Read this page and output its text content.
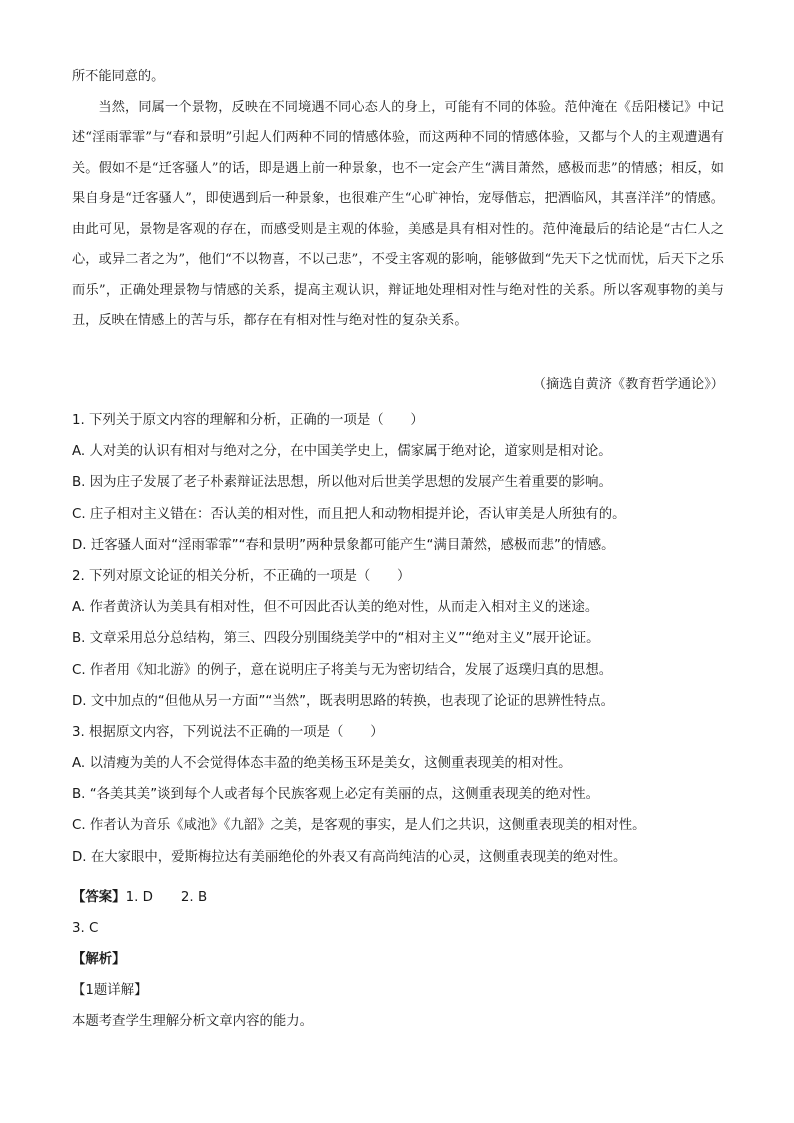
所不能同意的。

当然，同属一个景物，反映在不同境遇不同心态人的身上，可能有不同的体验。范仲淹在《岳阳楼记》中记述“淫雨霏霏”与“春和景明”引起人们两种不同的情感体验，而这两种不同的情感体验，又都与个人的主观遭遇有关。假如不是“迁客骚人”的话，即是遇上前一种景象，也不一定会产生“满目萧然，感极而悲”的情感；相反，如果自身是“迁客骚人”，即使遇到后一种景象，也很难产生“心旷神怡，宠辱偕忘，把酒临风，其喜洋洋”的情感。由此可见，景物是客观的存在，而感受则是主观的体验，美感是具有相对性的。范仲淹最后的结论是“古仁人之心，或异二者之为”，他们“不以物喜，不以己悲”，不受主客观的影响，能够做到“先天下之忧而忧，后天下之乐而乐”，正确处理景物与情感的关系，提高主观认识，辩证地处理相对性与绝对性的关系。所以客观事物的美与丑，反映在情感上的苦与乐，都存在有相对性与绝对性的复杂关系。

（摘选自黄济《教育哲学通论》）
1. 下列关于原文内容的理解和分析，正确的一项是（　　）
A. 人对美的认识有相对与绝对之分，在中国美学史上，儒家属于绝对论，道家则是相对论。
B. 因为庄子发展了老子朴素辩证法思想，所以他对后世美学思想的发展产生着重要的影响。
C. 庄子相对主义错在：否认美的相对性，而且把人和动物相提并论，否认审美是人所独有的。
D. 迁客骚人面对“淫雨霏霏”“春和景明”两种景象都可能产生“满目萧然，感极而悲”的情感。
2. 下列对原文论证的相关分析，不正确的一项是（　　）
A. 作者黄济认为美具有相对性，但不可因此否认美的绝对性，从而走入相对主义的迷途。
B. 文章采用总分总结构，第三、四段分别围绕美学中的“相对主义”“绝对主义”展开论证。
C. 作者用《知北游》的例子，意在说明庄子将美与无为密切结合，发展了返璞归真的思想。
D. 文中加点的“但他从另一方面”“当然”，既表明思路的转换，也表现了论证的思辨性特点。
3. 根据原文内容，下列说法不正确的一项是（　　）
A. 以清瘦为美的人不会觉得体态丰盈的绝美杨玉环是美女，这侧重表现美的相对性。
B. “各美其美”谈到每个人或者每个民族客观上必定有美丽的点，这侧重表现美的绝对性。
C. 作者认为音乐《咸池》《九韶》之美，是客观的事实，是人们之共识，这侧重表现美的相对性。
D. 在大家眼中，爱斯梅拉达有美丽绝伦的外表又有高尚纯洁的心灵，这侧重表现美的绝对性。
【答案】1. D 2. B
3. C
【解析】
【1题详解】
本题考查学生理解分析文章内容的能力。
